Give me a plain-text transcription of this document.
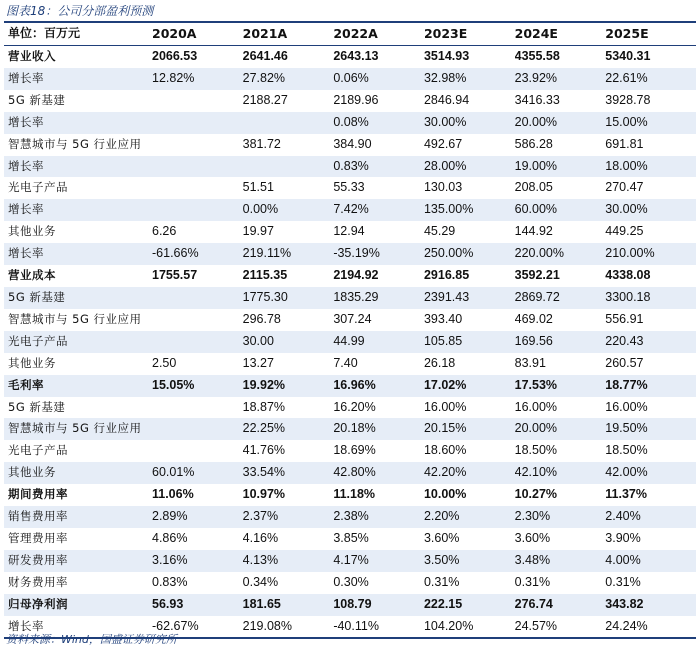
图表18：公司分部盈利预测
单位：百万元	2020A	2021A	2022A	2023E	2024E	2025E
营业收入	2066.53	2641.46	2643.13	3514.93	4355.58	5340.31
增长率	12.82%	27.82%	0.06%	32.98%	23.92%	22.61%
5G 新基建		2188.27	2189.96	2846.94	3416.33	3928.78
增长率			0.08%	30.00%	20.00%	15.00%
智慧城市与 5G 行业应用		381.72	384.90	492.67	586.28	691.81
增长率			0.83%	28.00%	19.00%	18.00%
光电子产品		51.51	55.33	130.03	208.05	270.47
增长率		0.00%	7.42%	135.00%	60.00%	30.00%
其他业务	6.26	19.97	12.94	45.29	144.92	449.25
增长率	-61.66%	219.11%	-35.19%	250.00%	220.00%	210.00%
营业成本	1755.57	2115.35	2194.92	2916.85	3592.21	4338.08
5G 新基建		1775.30	1835.29	2391.43	2869.72	3300.18
智慧城市与 5G 行业应用		296.78	307.24	393.40	469.02	556.91
光电子产品		30.00	44.99	105.85	169.56	220.43
其他业务	2.50	13.27	7.40	26.18	83.91	260.57
毛利率	15.05%	19.92%	16.96%	17.02%	17.53%	18.77%
5G 新基建		18.87%	16.20%	16.00%	16.00%	16.00%
智慧城市与 5G 行业应用		22.25%	20.18%	20.15%	20.00%	19.50%
光电子产品		41.76%	18.69%	18.60%	18.50%	18.50%
其他业务	60.01%	33.54%	42.80%	42.20%	42.10%	42.00%
期间费用率	11.06%	10.97%	11.18%	10.00%	10.27%	11.37%
销售费用率	2.89%	2.37%	2.38%	2.20%	2.30%	2.40%
管理费用率	4.86%	4.16%	3.85%	3.60%	3.60%	3.90%
研发费用率	3.16%	4.13%	4.17%	3.50%	3.48%	4.00%
财务费用率	0.83%	0.34%	0.30%	0.31%	0.31%	0.31%
归母净利润	56.93	181.65	108.79	222.15	276.74	343.82
增长率	-62.67%	219.08%	-40.11%	104.20%	24.57%	24.24%
资料来源：Wind，国盛证券研究所
